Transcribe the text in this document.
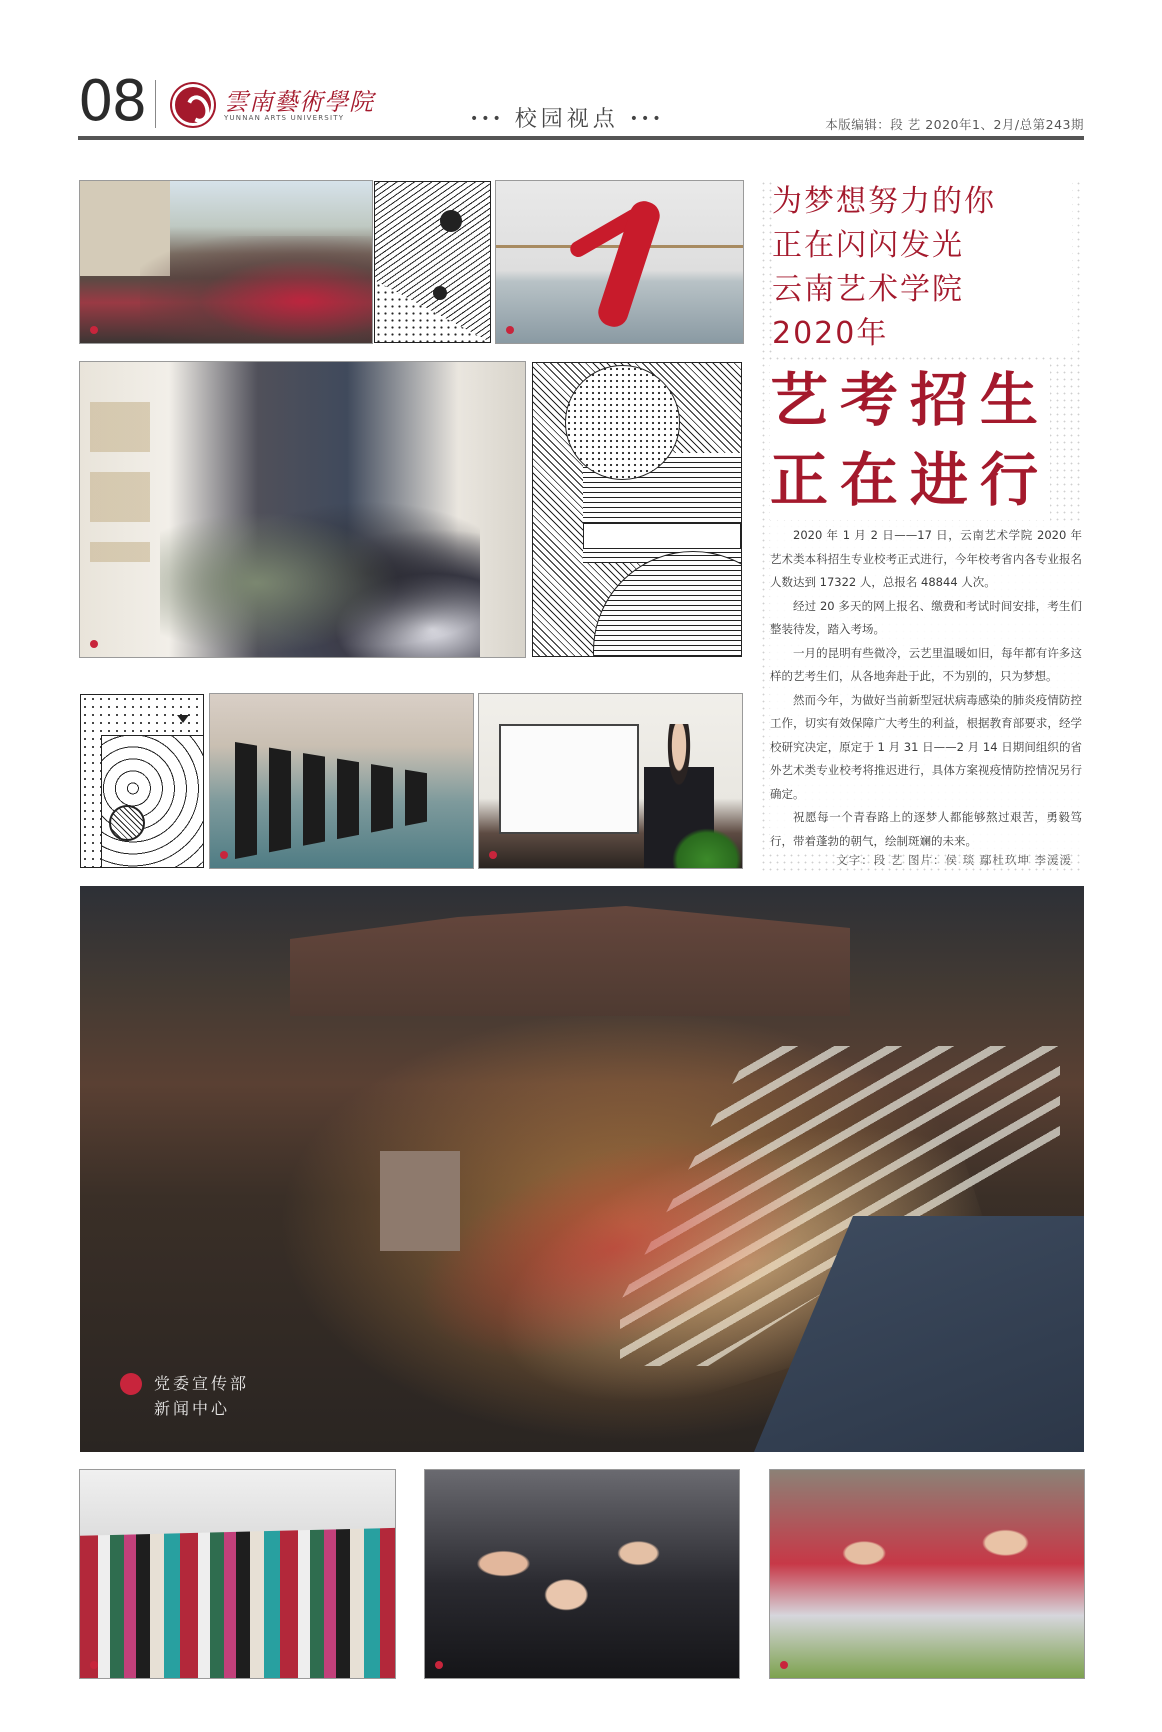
08	雲南藝術學院
YUNNAN ARTS UNIVERSITY	••• 校园视点 •••	本版编辑：段 艺 2020年1、2月/总第243期
为梦想努力的你
正在闪闪发光
云南艺术学院
2020年
艺考招生
正在进行

2020 年 1 月 2 日——17 日，云南艺术学院 2020 年艺术类本科招生专业校考正式进行，今年校考省内各专业报名人数达到 17322 人，总报名 48844 人次。

经过 20 多天的网上报名、缴费和考试时间安排，考生们整装待发，踏入考场。

一月的昆明有些微冷，云艺里温暖如旧，每年都有许多这样的艺考生们，从各地奔赴于此，不为别的，只为梦想。

然而今年，为做好当前新型冠状病毒感染的肺炎疫情防控工作，切实有效保障广大考生的利益，根据教育部要求，经学校研究决定，原定于 1 月 31 日——2 月 14 日期间组织的省外艺术类专业校考将推迟进行，具体方案视疫情防控情况另行确定。

祝愿每一个青春路上的逐梦人都能够熬过艰苦，勇毅笃行，带着蓬勃的朝气，绘制斑斓的未来。

文字：段 艺 图片：侯 琰 鄢杜玖坤 李湲湲
党委宣传部
新闻中心
